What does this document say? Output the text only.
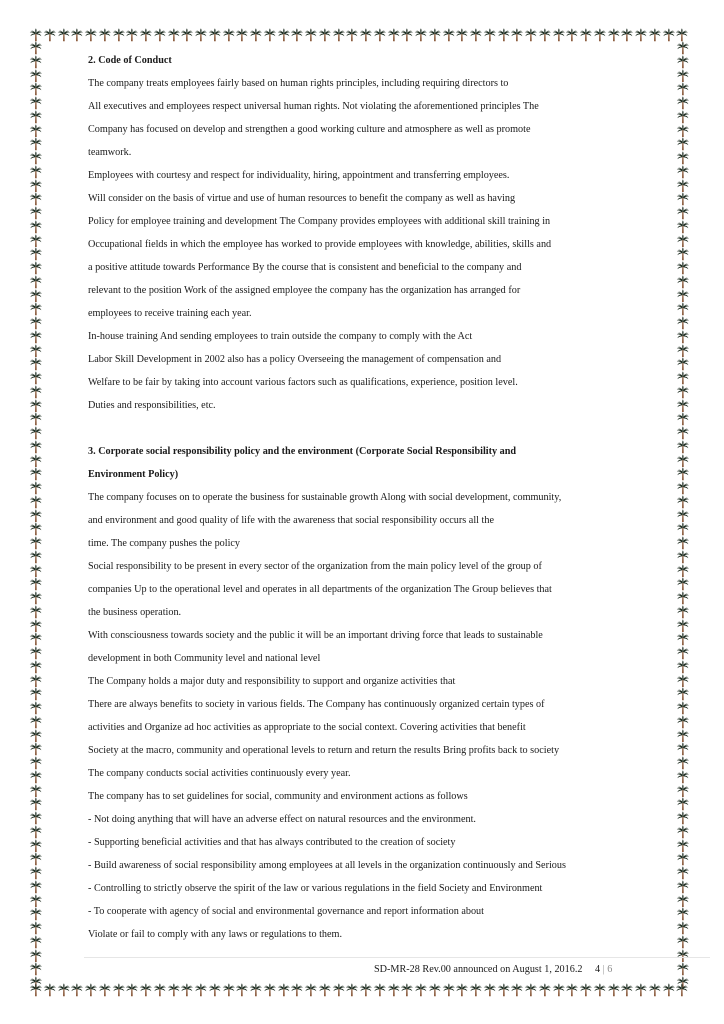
2. Code of Conduct
The company treats employees fairly based on human rights principles, including requiring directors to
All executives and employees respect universal human rights. Not violating the aforementioned principles The
Company has focused on develop and strengthen a good working culture and atmosphere as well as promote
teamwork.
Employees with courtesy and respect for individuality, hiring, appointment and transferring employees.
Will consider on the basis of virtue and use of human resources to benefit the company as well as having
Policy for employee training and development The Company provides employees with additional skill training in
Occupational fields in which the employee has worked to provide employees with knowledge, abilities, skills and
a positive attitude towards Performance By the course that is consistent and beneficial to the company and
relevant to the position Work of the assigned employee the company has the organization has arranged for
employees to receive training each year.
In-house training And sending employees to train outside the company to comply with the Act
Labor Skill Development in 2002 also has a policy Overseeing the management of compensation and
Welfare to be fair by taking into account various factors such as qualifications, experience, position level.
Duties and responsibilities, etc.
3. Corporate social responsibility policy and the environment (Corporate Social Responsibility and
Environment Policy)
The company focuses on to operate the business for sustainable growth Along with social development, community,
and environment and good quality of life with the awareness that social responsibility occurs all the
time. The company pushes the policy
Social responsibility to be present in every sector of the organization from the main policy level of the group of
companies Up to the operational level and operates in all departments of the organization The Group believes that
the business operation.
With consciousness towards society and the public it will be an important driving force that leads to sustainable
development in both Community level and national level
The Company holds a major duty and responsibility to support and organize activities that
There are always benefits to society in various fields. The Company has continuously organized certain types of
activities and Organize ad hoc activities as appropriate to the social context. Covering activities that benefit
Society at the macro, community and operational levels to return and return the results Bring profits back to society
The company conducts social activities continuously every year.
The company has to set guidelines for social, community and environment actions as follows
- Not doing anything that will have an adverse effect on natural resources and the environment.
- Supporting beneficial activities and that has always contributed to the creation of society
- Build awareness of social responsibility among employees at all levels in the organization continuously and Serious
- Controlling to strictly observe the spirit of the law or various regulations in the field Society and Environment
- To cooperate with agency of social and environmental governance and report information about
Violate or fail to comply with any laws or regulations to them.
SD-MR-28 Rev.00 announced on August 1, 2016.2 4 | 6
